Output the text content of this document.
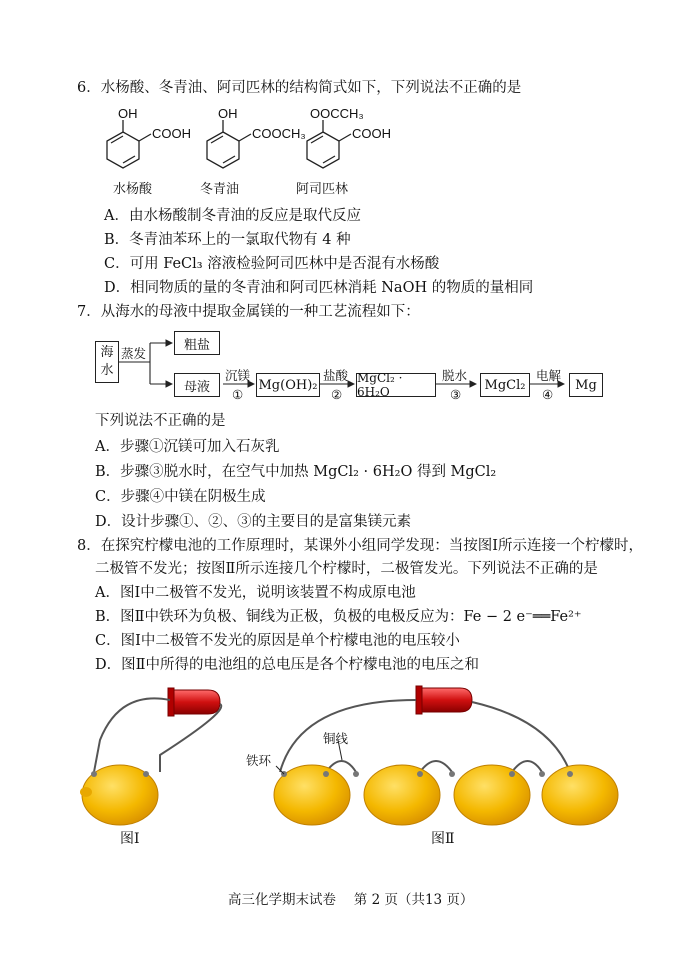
6．水杨酸、冬青油、阿司匹林的结构简式如下，下列说法不正确的是
OH
COOH
OH
COOCH₃
OOCCH₃
COOH
水杨酸	冬青油	阿司匹林
A．由水杨酸制冬青油的反应是取代反应
B．冬青油苯环上的一氯取代物有 4 种
C．可用 FeCl₃ 溶液检验阿司匹林中是否混有水杨酸
D．相同物质的量的冬青油和阿司匹林消耗 NaOH 的物质的量相同
7．从海水的母液中提取金属镁的一种工艺流程如下：
海
水
蒸发
粗盐
母液
沉镁
①
Mg(OH)₂
盐酸
②
MgCl₂ · 6H₂O
脱水
③
MgCl₂
电解
④
Mg
下列说法不正确的是
A．步骤①沉镁可加入石灰乳
B．步骤③脱水时，在空气中加热 MgCl₂ · 6H₂O 得到 MgCl₂
C．步骤④中镁在阴极生成
D．设计步骤①、②、③的主要目的是富集镁元素
8．在探究柠檬电池的工作原理时，某课外小组同学发现：当按图Ⅰ所示连接一个柠檬时，
二极管不发光；按图Ⅱ所示连接几个柠檬时，二极管发光。下列说法不正确的是
A．图Ⅰ中二极管不发光，说明该装置不构成原电池
B．图Ⅱ中铁环为负极、铜线为正极，负极的电极反应为：Fe − 2 e⁻══Fe²⁺
C．图Ⅰ中二极管不发光的原因是单个柠檬电池的电压较小
D．图Ⅱ中所得的电池组的总电压是各个柠檬电池的电压之和
铜线
铁环
图Ⅰ	图Ⅱ
高三化学期末试卷　 第 2 页（共13 页）
